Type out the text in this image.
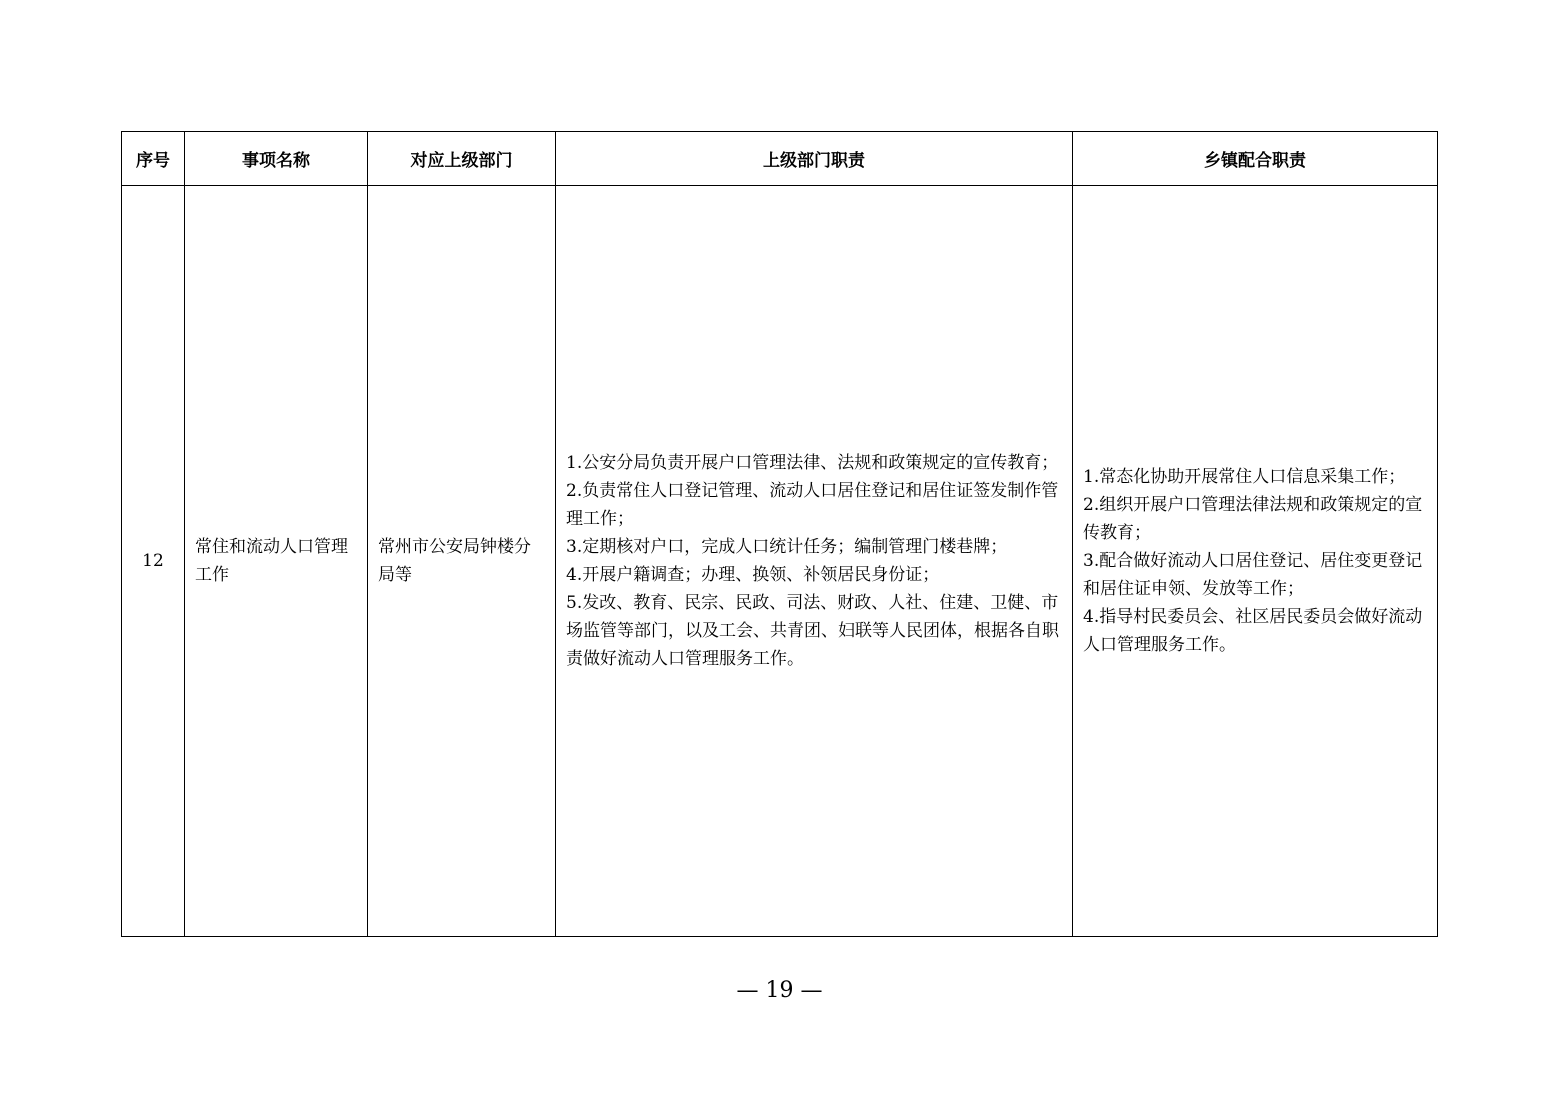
序号	事项名称	对应上级部门	上级部门职责	乡镇配合职责
12	常住和流动人口管理工作	常州市公安局钟楼分局等	1.公安分局负责开展户口管理法律、法规和政策规定的宣传教育；
2.负责常住人口登记管理、流动人口居住登记和居住证签发制作管理工作；
3.定期核对户口，完成人口统计任务；编制管理门楼巷牌；
4.开展户籍调查；办理、换领、补领居民身份证；
5.发改、教育、民宗、民政、司法、财政、人社、住建、卫健、市场监管等部门，以及工会、共青团、妇联等人民团体，根据各自职责做好流动人口管理服务工作。	1.常态化协助开展常住人口信息采集工作；
2.组织开展户口管理法律法规和政策规定的宣传教育；
3.配合做好流动人口居住登记、居住变更登记和居住证申领、发放等工作；
4.指导村民委员会、社区居民委员会做好流动人口管理服务工作。
— 19 —
